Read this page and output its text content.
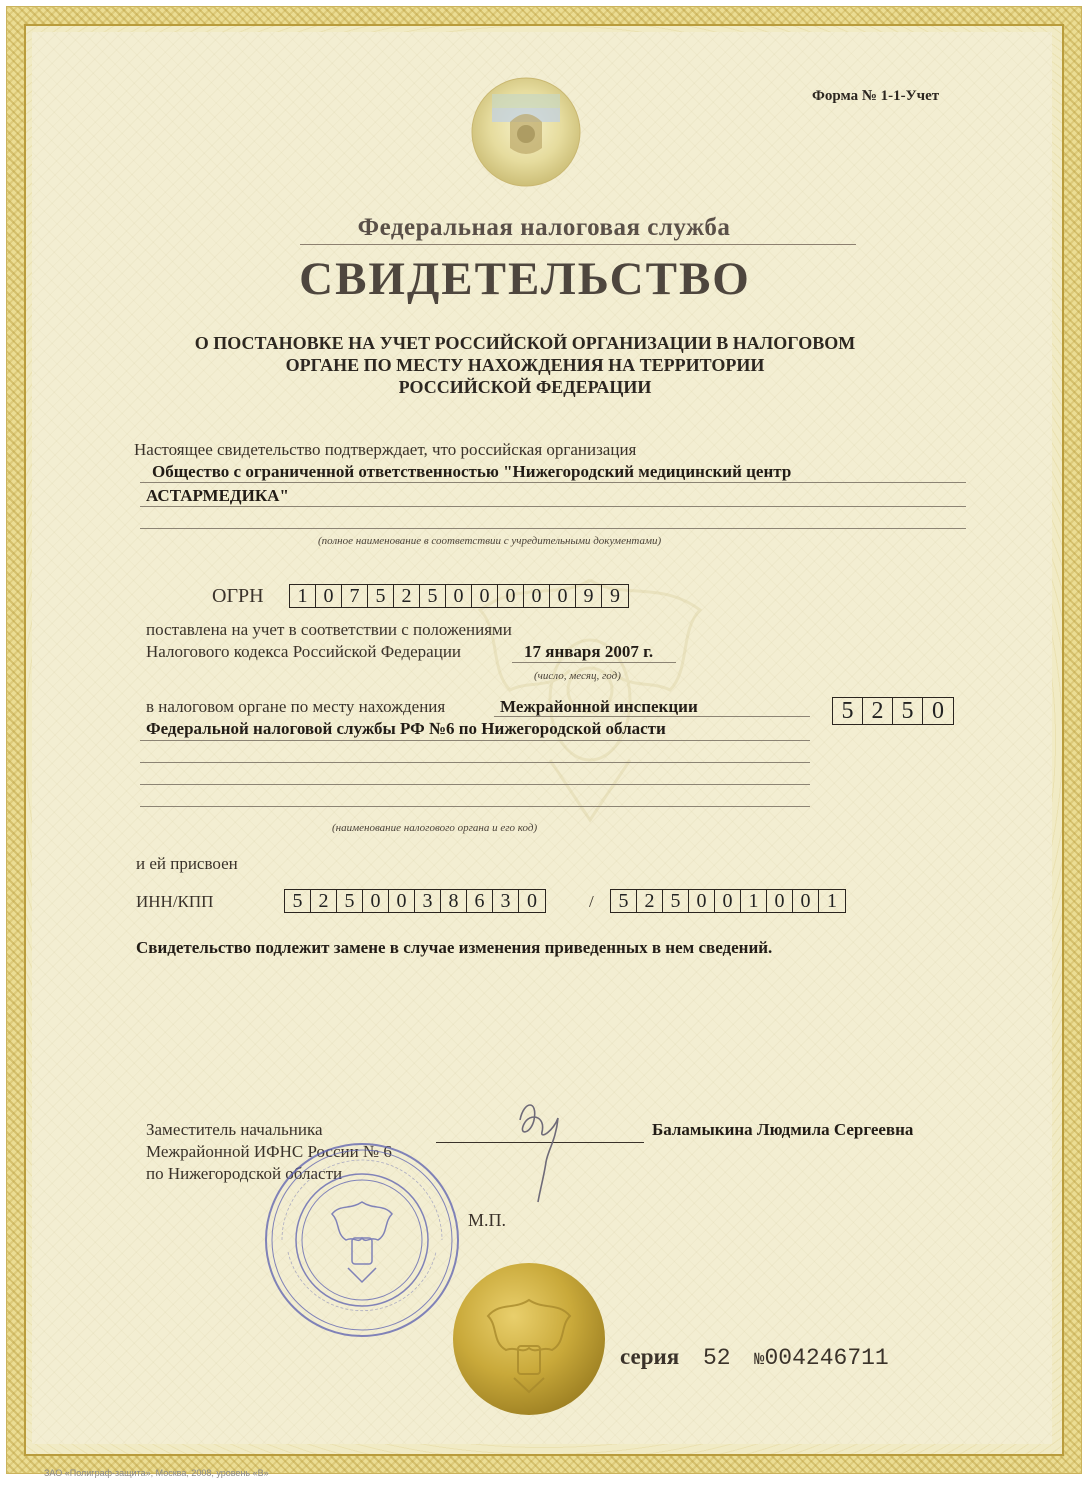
Форма № 1-1-Учет
Федеральная налоговая служба
СВИДЕТЕЛЬСТВО
О ПОСТАНОВКЕ НА УЧЕТ РОССИЙСКОЙ ОРГАНИЗАЦИИ В НАЛОГОВОМ
ОРГАНЕ ПО МЕСТУ НАХОЖДЕНИЯ НА ТЕРРИТОРИИ
РОССИЙСКОЙ ФЕДЕРАЦИИ
Настоящее свидетельство подтверждает, что российская организация
Общество с ограниченной ответственностью "Нижегородский медицинский центр
АСТАРМЕДИКА"
(полное наименование в соответствии с учредительными документами)
ОГРН	1 0 7 5 2 5 0 0 0 0 0 9 9
поставлена на учет в соответствии с положениями
Налогового кодекса Российской Федерации	17 января 2007 г.
(число, месяц, год)
в налоговом органе по месту нахождения	Межрайонной инспекции
Федеральной налоговой службы РФ №6 по Нижегородской области
(наименование налогового органа и его код)
5 2 5 0
и ей присвоен
ИНН/КПП	5 2 5 0 0 3 8 6 3 0	/	5 2 5 0 0 1 0 0 1
Свидетельство подлежит замене в случае изменения приведенных в нем сведений.
Заместитель начальника
Межрайонной ИФНС России № 6
по Нижегородской области
Баламыкина Людмила Сергеевна
М.П.
серия 52 №004246711
ЗАО «Полиграф-защита», Москва, 2008, уровень «В»
